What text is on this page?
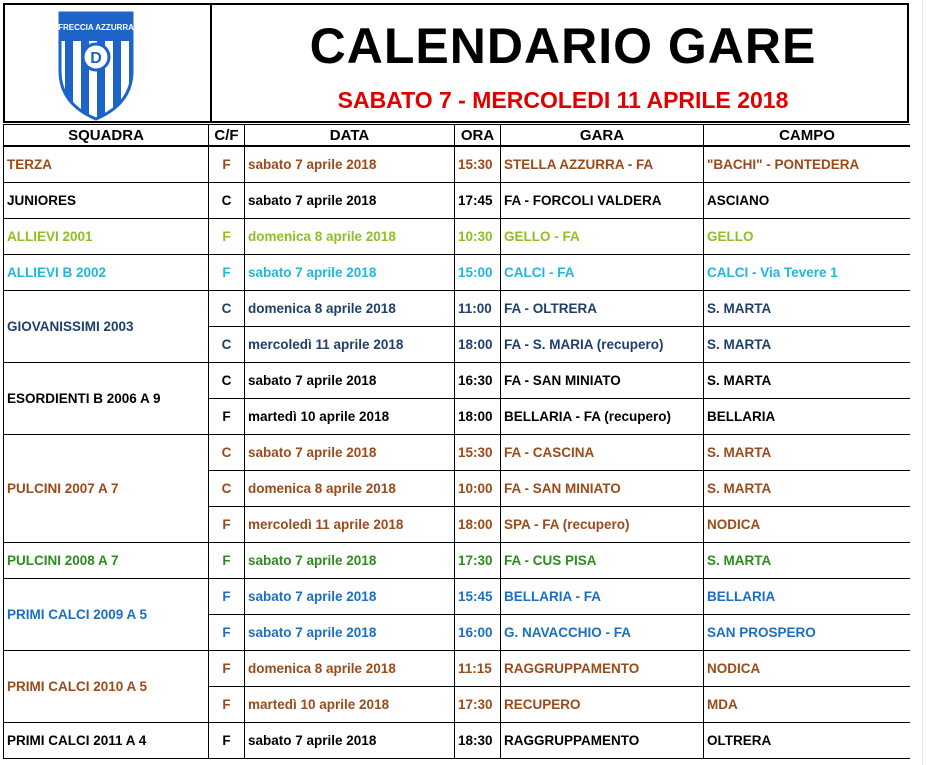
D
FRECCIA AZZURRA	CALENDARIO GARE
SABATO 7 - MERCOLEDI 11 APRILE 2018
SQUADRA	C/F	DATA	ORA	GARA	CAMPO
TERZA	F	sabato 7 aprile 2018	15:30	STELLA AZZURRA - FA	"BACHI" - PONTEDERA
JUNIORES	C	sabato 7 aprile 2018	17:45	FA - FORCOLI VALDERA	ASCIANO
ALLIEVI 2001	F	domenica 8 aprile 2018	10:30	GELLO - FA	GELLO
ALLIEVI B 2002	F	sabato 7 aprile 2018	15:00	CALCI - FA	CALCI - Via Tevere 1
GIOVANISSIMI 2003	C	domenica 8 aprile 2018	11:00	FA - OLTRERA	S. MARTA
	C	mercoledì 11 aprile 2018	18:00	FA - S. MARIA (recupero)	S. MARTA
ESORDIENTI B 2006 A 9	C	sabato 7 aprile 2018	16:30	FA - SAN MINIATO	S. MARTA
	F	martedì 10 aprile 2018	18:00	BELLARIA - FA (recupero)	BELLARIA
PULCINI 2007 A 7	C	sabato 7 aprile 2018	15:30	FA - CASCINA	S. MARTA
	C	domenica 8 aprile 2018	10:00	FA - SAN MINIATO	S. MARTA
	F	mercoledì 11 aprile 2018	18:00	SPA - FA (recupero)	NODICA
PULCINI 2008 A 7	F	sabato 7 aprile 2018	17:30	FA - CUS PISA	S. MARTA
PRIMI CALCI 2009 A 5	F	sabato 7 aprile 2018	15:45	BELLARIA - FA	BELLARIA
	F	sabato 7 aprile 2018	16:00	G. NAVACCHIO - FA	SAN PROSPERO
PRIMI CALCI 2010 A 5	F	domenica 8 aprile 2018	11:15	RAGGRUPPAMENTO	NODICA
	F	martedì 10 aprile 2018	17:30	RECUPERO	MDA
PRIMI CALCI 2011 A 4	F	sabato 7 aprile 2018	18:30	RAGGRUPPAMENTO	OLTRERA
